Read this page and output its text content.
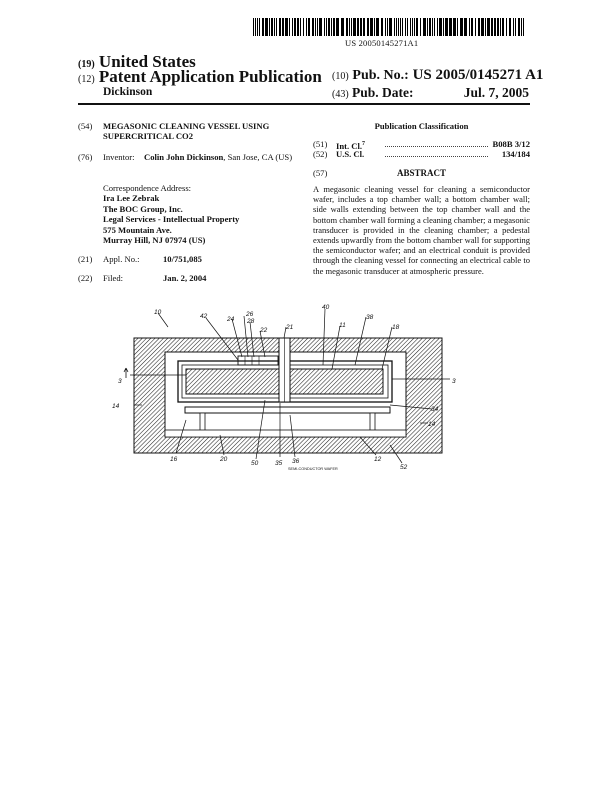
US 20050145271A1
(19) United States
(12) Patent Application Publication
Dickinson
(10) Pub. No.: US 2005/0145271 A1
(43) Pub. Date:	Jul. 7, 2005
(54) MEGASONIC CLEANING VESSEL USING SUPERCRITICAL CO2
(76) Inventor: Colin John Dickinson, San Jose, CA (US)
Correspondence Address:
Ira Lee Zebrak
The BOC Group, Inc.
Legal Services - Intellectual Property
575 Mountain Ave.
Murray Hill, NJ 07974 (US)
(21) Appl. No.:	10/751,085
(22) Filed:	Jan. 2, 2004
Publication Classification
(51) Int. Cl.$^7$	B08B 3/12
(52) U.S. Cl.	134/184
(57)	ABSTRACT
A megasonic cleaning vessel for cleaning a semiconductor wafer, includes a top chamber wall; a bottom chamber wall; side walls extending between the top chamber wall and the bottom chamber wall forming a cleaning chamber; a megasonic transducer is provided in the cleaning chamber; a pedestal extends upwardly from the bottom chamber wall for supporting the semiconductor wafer; and an electrical conduit is provided through the cleaning vessel for connecting an electrical cable to the megasonic transducer at atmospheric pressure.
10
42	24
26
28
22	21
40
11
38
18
3	3
14
14
34
16	20
50	35 36	12
52
SEMI-CONDUCTOR WAFER
